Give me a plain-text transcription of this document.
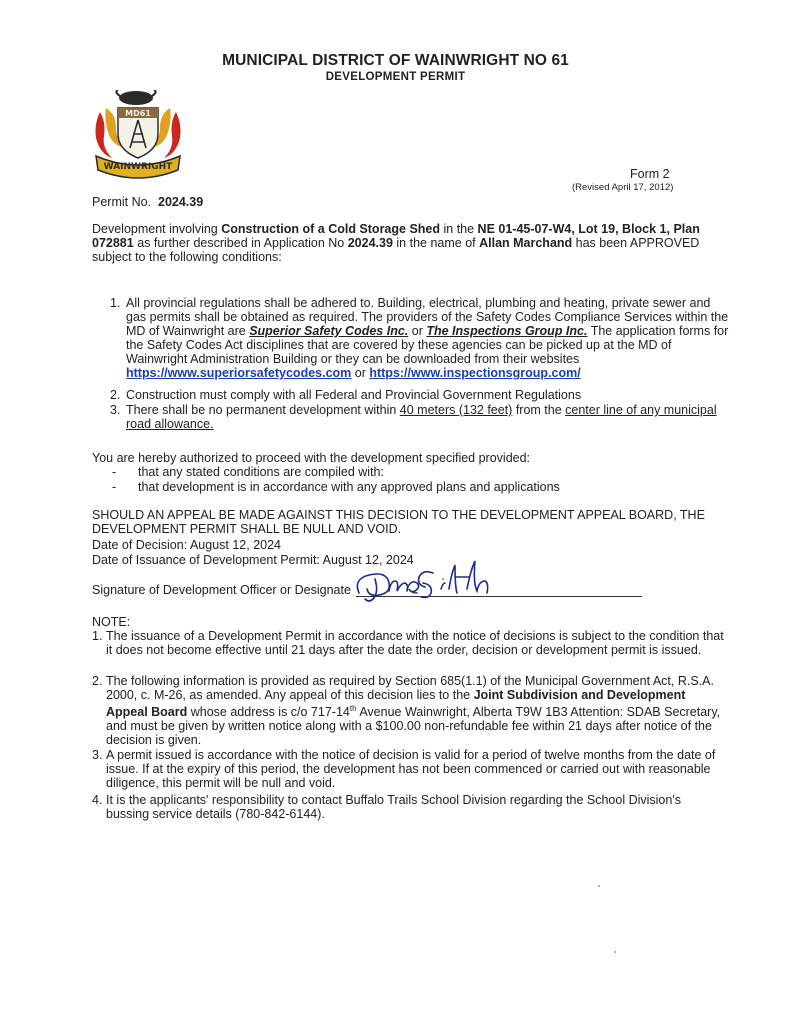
MUNICIPAL DISTRICT OF WAINWRIGHT NO 61
DEVELOPMENT PERMIT
MD61
WAINWRIGHT	Form 2
(Revised April 17, 2012)
Permit No. 2024.39
Development involving Construction of a Cold Storage Shed in the NE 01-45-07-W4, Lot 19, Block 1, Plan 072881 as further described in Application No 2024.39 in the name of Allan Marchand has been APPROVED subject to the following conditions:
1. All provincial regulations shall be adhered to. Building, electrical, plumbing and heating, private sewer and gas permits shall be obtained as required. The providers of the Safety Codes Compliance Services within the MD of Wainwright are Superior Safety Codes Inc. or The Inspections Group Inc. The application forms for the Safety Codes Act disciplines that are covered by these agencies can be picked up at the MD of Wainwright Administration Building or they can be downloaded from their websites https://www.superiorsafetycodes.com or https://www.inspectionsgroup.com/
2. Construction must comply with all Federal and Provincial Government Regulations
3. There shall be no permanent development within 40 meters (132 feet) from the center line of any municipal road allowance.
You are hereby authorized to proceed with the development specified provided:
- that any stated conditions are compiled with:
- that development is in accordance with any approved plans and applications
SHOULD AN APPEAL BE MADE AGAINST THIS DECISION TO THE DEVELOPMENT APPEAL BOARD, THE DEVELOPMENT PERMIT SHALL BE NULL AND VOID.
Date of Decision: August 12, 2024
Date of Issuance of Development Permit: August 12, 2024
Signature of Development Officer or Designate
NOTE:
1. The issuance of a Development Permit in accordance with the notice of decisions is subject to the condition that it does not become effective until 21 days after the date the order, decision or development permit is issued.
2. The following information is provided as required by Section 685(1.1) of the Municipal Government Act, R.S.A. 2000, c. M-26, as amended. Any appeal of this decision lies to the Joint Subdivision and Development Appeal Board whose address is c/o 717-14th Avenue Wainwright, Alberta T9W 1B3 Attention: SDAB Secretary, and must be given by written notice along with a $100.00 non-refundable fee within 21 days after notice of the decision is given.
3. A permit issued is accordance with the notice of decision is valid for a period of twelve months from the date of issue. If at the expiry of this period, the development has not been commenced or carried out with reasonable diligence, this permit will be null and void.
4. It is the applicants' responsibility to contact Buffalo Trails School Division regarding the School Division's bussing service details (780-842-6144).
